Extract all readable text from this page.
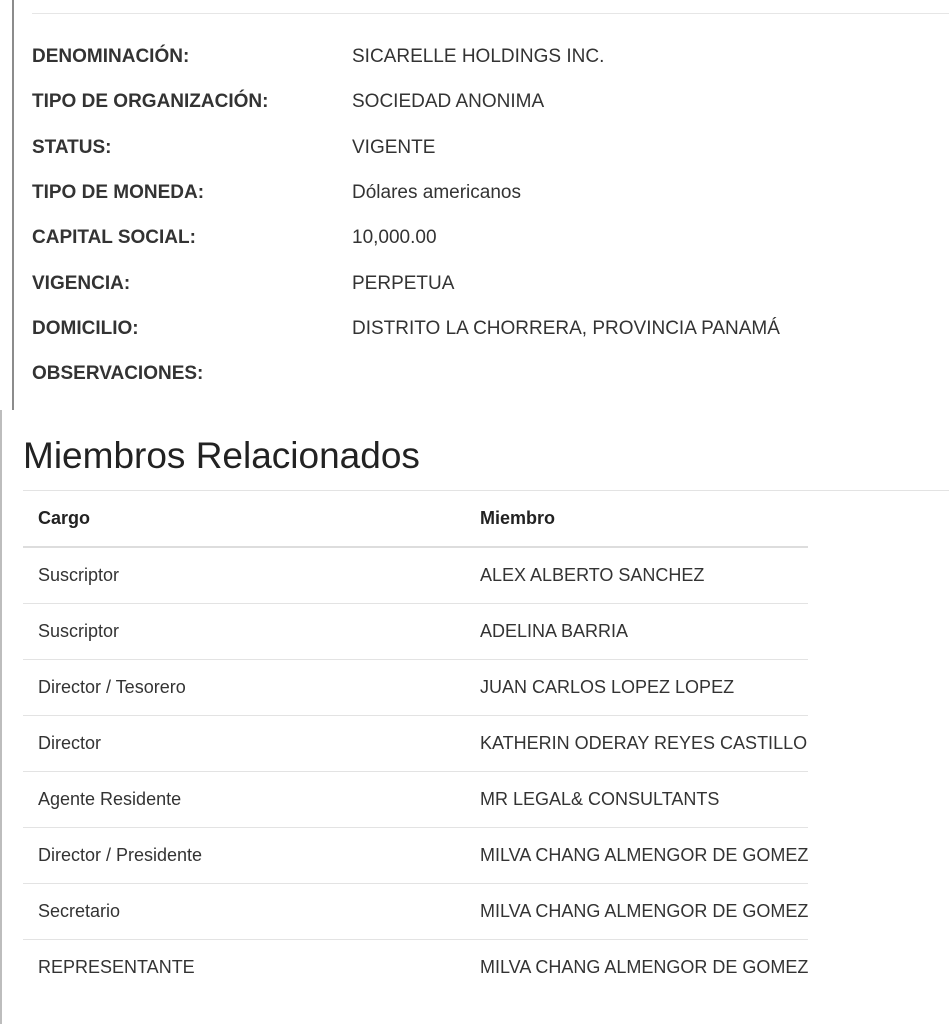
DENOMINACIÓN:	SICARELLE HOLDINGS INC.
TIPO DE ORGANIZACIÓN:	SOCIEDAD ANONIMA
STATUS:	VIGENTE
TIPO DE MONEDA:	Dólares americanos
CAPITAL SOCIAL:	10,000.00
VIGENCIA:	PERPETUA
DOMICILIO:	DISTRITO LA CHORRERA, PROVINCIA PANAMÁ
OBSERVACIONES:
Miembros Relacionados
Cargo	Miembro
Suscriptor	ALEX ALBERTO SANCHEZ
Suscriptor	ADELINA BARRIA
Director / Tesorero	JUAN CARLOS LOPEZ LOPEZ
Director	KATHERIN ODERAY REYES CASTILLO
Agente Residente	MR LEGAL& CONSULTANTS
Director / Presidente	MILVA CHANG ALMENGOR DE GOMEZ
Secretario	MILVA CHANG ALMENGOR DE GOMEZ
REPRESENTANTE	MILVA CHANG ALMENGOR DE GOMEZ
